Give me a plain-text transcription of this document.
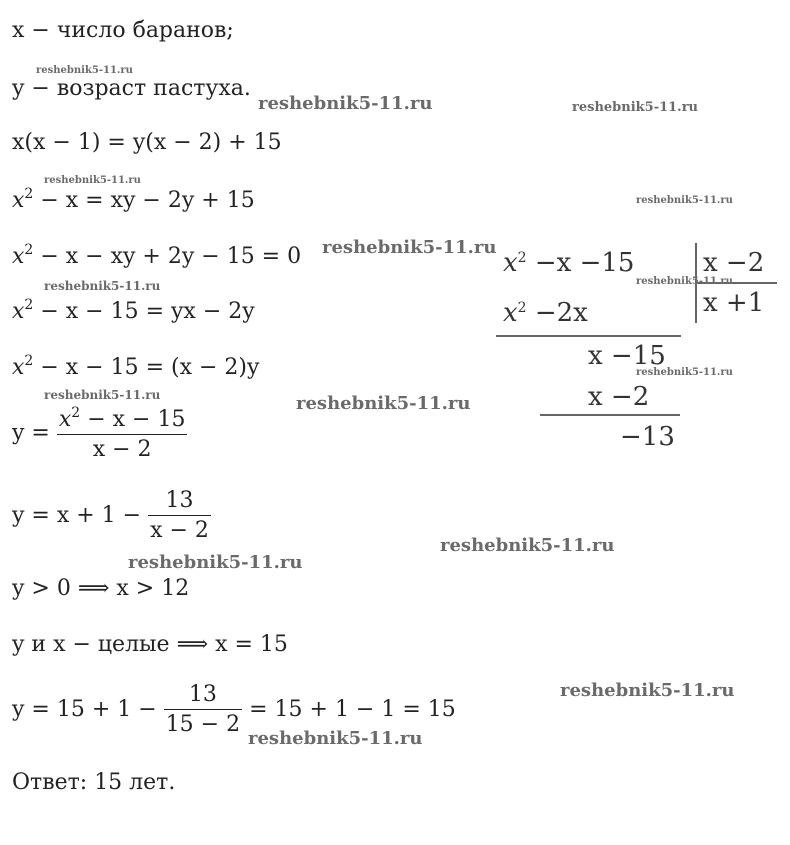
x − число баранов;
y − возраст пастуха.
x(x − 1) = y(x − 2) + 15
$x^2 - x$ = xy − 2y + 15
$x^2 - x$ − xy + 2y − 15 = 0
$x^2 - x - 15$ = yx − 2y
$x^2 - x - 15 = (x - 2)y$
$y = \frac{x^2 - x - 15}{x - 2}$
$y = x + 1 - \frac{13}{x - 2}$
y > 0 ⟹ x > 12
y и x − целые ⟹ x = 15
$y = 15 + 1 - \frac{13}{15 - 2} = 15 + 1 - 1 = 15$
Ответ: 15 лет.
$x^2 -x -15$	x −2
x +1
$x^2 -2x$
x −15
x −2
−13
reshebnik5-11.ru
reshebnik5-11.ru	reshebnik5-11.ru
reshebnik5-11.ru
reshebnik5-11.ru
reshebnik5-11.ru
reshebnik5-11.ru
reshebnik5-11.ru
reshebnik5-11.ru
reshebnik5-11.ru	reshebnik5-11.ru
reshebnik5-11.ru
reshebnik5-11.ru
reshebnik5-11.ru
reshebnik5-11.ru
